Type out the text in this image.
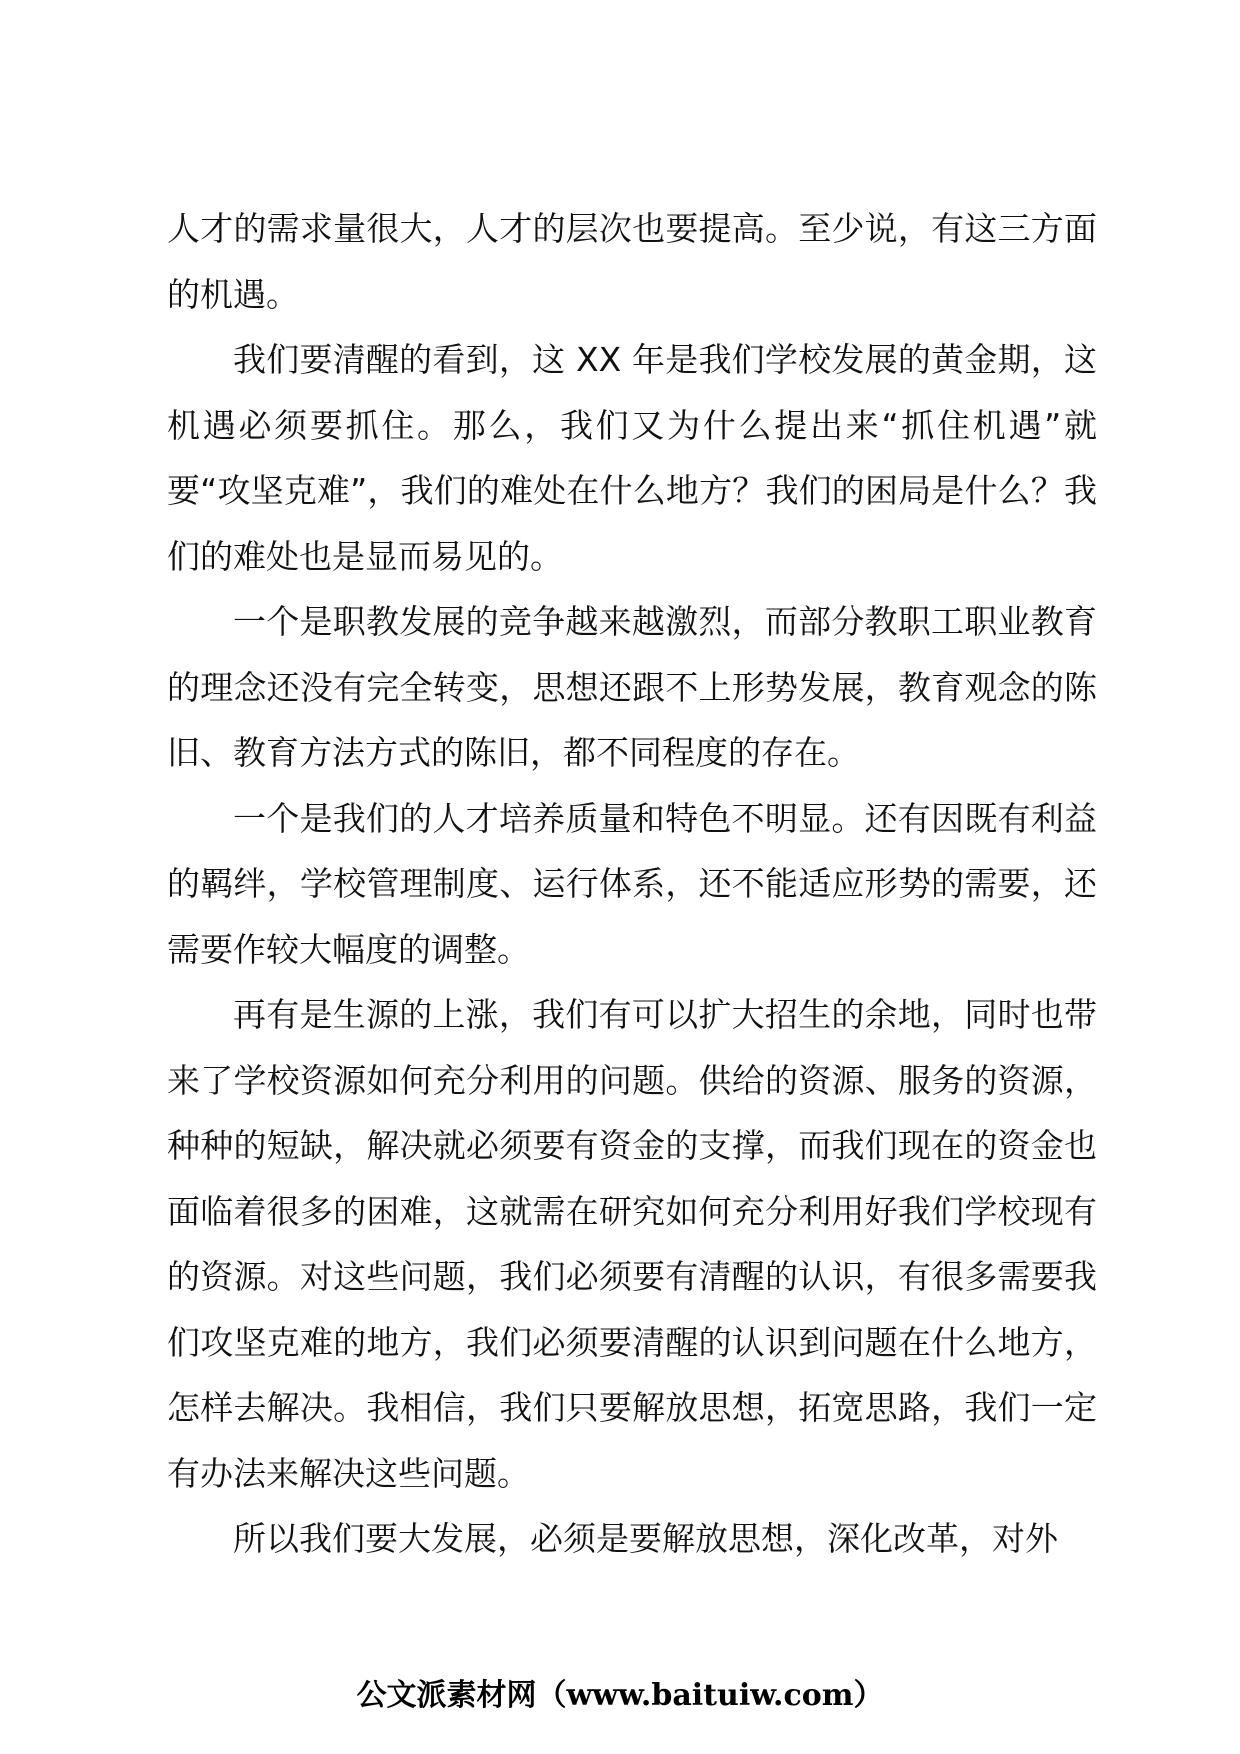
人才的需求量很大，人才的层次也要提高。至少说，有这三方面的机遇。

我们要清醒的看到，这 XX 年是我们学校发展的黄金期，这机遇必须要抓住。那么，我们又为什么提出来“抓住机遇”就要“攻坚克难”，我们的难处在什么地方？我们的困局是什么？我们的难处也是显而易见的。

一个是职教发展的竞争越来越激烈，而部分教职工职业教育的理念还没有完全转变，思想还跟不上形势发展，教育观念的陈旧、教育方法方式的陈旧，都不同程度的存在。

一个是我们的人才培养质量和特色不明显。还有因既有利益的羁绊，学校管理制度、运行体系，还不能适应形势的需要，还需要作较大幅度的调整。

再有是生源的上涨，我们有可以扩大招生的余地，同时也带来了学校资源如何充分利用的问题。供给的资源、服务的资源，种种的短缺，解决就必须要有资金的支撑，而我们现在的资金也面临着很多的困难，这就需在研究如何充分利用好我们学校现有的资源。对这些问题，我们必须要有清醒的认识，有很多需要我们攻坚克难的地方，我们必须要清醒的认识到问题在什么地方，怎样去解决。我相信，我们只要解放思想，拓宽思路，我们一定有办法来解决这些问题。

所以我们要大发展，必须是要解放思想，深化改革，对外

公文派素材网（www.baituiw.com）
